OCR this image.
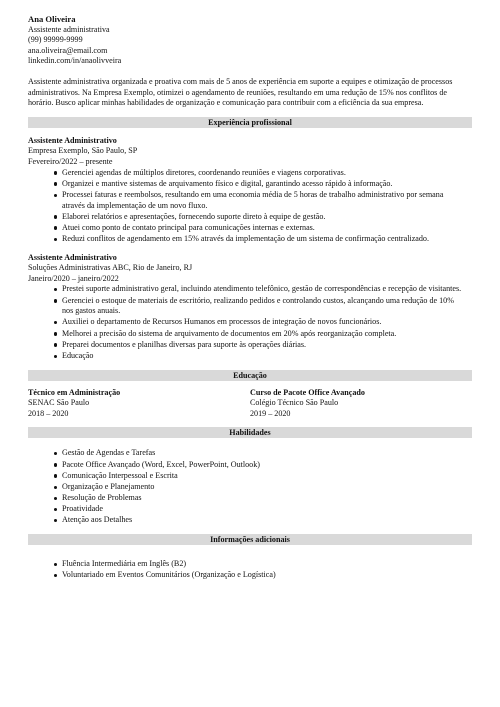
Ana Oliveira
Assistente administrativa
(99) 99999-9999
ana.oliveira@email.com
linkedin.com/in/anaolivveira
Assistente administrativa organizada e proativa com mais de 5 anos de experiência em suporte a equipes e otimização de processos administrativos. Na Empresa Exemplo, otimizei o agendamento de reuniões, resultando em uma redução de 15% nos conflitos de horário. Busco aplicar minhas habilidades de organização e comunicação para contribuir com a eficiência da sua empresa.
Experiência profissional
Assistente Administrativo
Empresa Exemplo, São Paulo, SP
Fevereiro/2022 – presente
Gerenciei agendas de múltiplos diretores, coordenando reuniões e viagens corporativas.
Organizei e mantive sistemas de arquivamento físico e digital, garantindo acesso rápido à informação.
Processei faturas e reembolsos, resultando em uma economia média de 5 horas de trabalho administrativo por semana através da implementação de um novo fluxo.
Elaborei relatórios e apresentações, fornecendo suporte direto à equipe de gestão.
Atuei como ponto de contato principal para comunicações internas e externas.
Reduzi conflitos de agendamento em 15% através da implementação de um sistema de confirmação centralizado.
Assistente Administrativo
Soluções Administrativas ABC, Rio de Janeiro, RJ
Janeiro/2020 – janeiro/2022
Prestei suporte administrativo geral, incluindo atendimento telefônico, gestão de correspondências e recepção de visitantes.
Gerenciei o estoque de materiais de escritório, realizando pedidos e controlando custos, alcançando uma redução de 10% nos gastos anuais.
Auxiliei o departamento de Recursos Humanos em processos de integração de novos funcionários.
Melhorei a precisão do sistema de arquivamento de documentos em 20% após reorganização completa.
Preparei documentos e planilhas diversas para suporte às operações diárias.
Educação
Educação
Técnico em Administração
SENAC São Paulo
2018 – 2020
Curso de Pacote Office Avançado
Colégio Técnico São Paulo
2019 – 2020
Habilidades
Gestão de Agendas e Tarefas
Pacote Office Avançado (Word, Excel, PowerPoint, Outlook)
Comunicação Interpessoal e Escrita
Organização e Planejamento
Resolução de Problemas
Proatividade
Atenção aos Detalhes
Informações adicionais
Fluência Intermediária em Inglês (B2)
Voluntariado em Eventos Comunitários (Organização e Logística)
